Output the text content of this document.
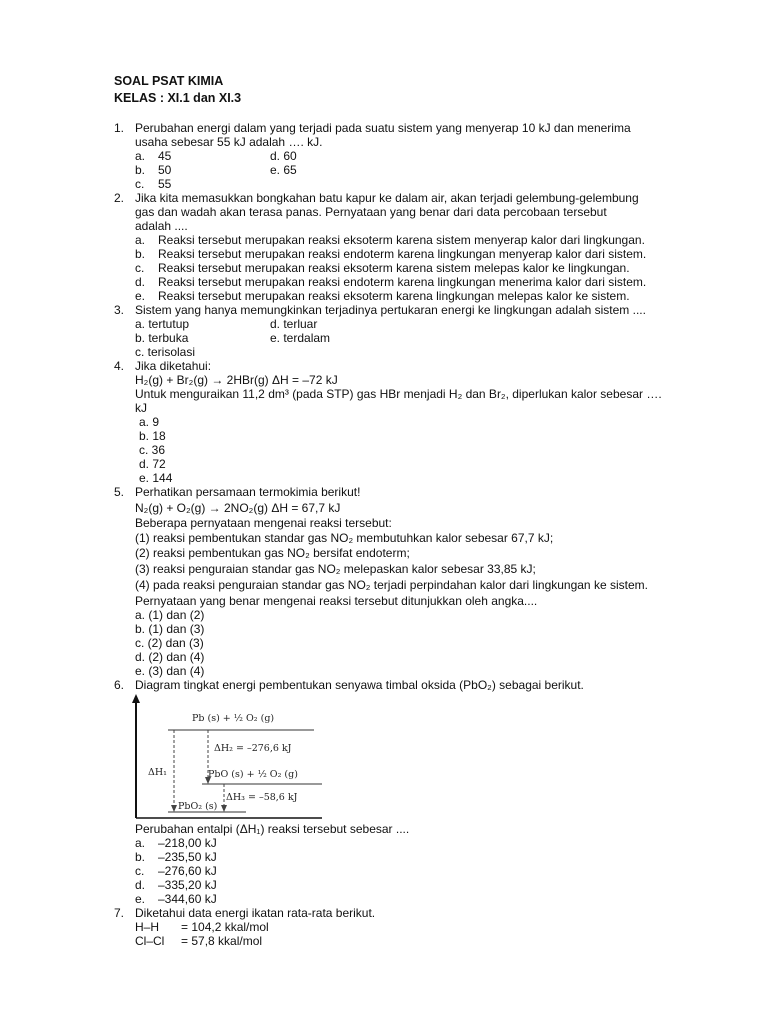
SOAL PSAT KIMIA
KELAS : XI.1 dan XI.3
1. Perubahan energi dalam yang terjadi pada suatu sistem yang menyerap 10 kJ dan menerima
usaha sebesar 55 kJ adalah …. kJ.
a. 45	d. 60
b. 50	e. 65
c. 55
2. Jika kita memasukkan bongkahan batu kapur ke dalam air, akan terjadi gelembung-gelembung
gas dan wadah akan terasa panas. Pernyataan yang benar dari data percobaan tersebut
adalah ....
a. Reaksi tersebut merupakan reaksi eksoterm karena sistem menyerap kalor dari lingkungan.
b. Reaksi tersebut merupakan reaksi endoterm karena lingkungan menyerap kalor dari sistem.
c. Reaksi tersebut merupakan reaksi eksoterm karena sistem melepas kalor ke lingkungan.
d. Reaksi tersebut merupakan reaksi endoterm karena lingkungan menerima kalor dari sistem.
e. Reaksi tersebut merupakan reaksi eksoterm karena lingkungan melepas kalor ke sistem.
3. Sistem yang hanya memungkinkan terjadinya pertukaran energi ke lingkungan adalah sistem ....
a. tertutup	d. terluar
b. terbuka	e. terdalam
c. terisolasi
4. Jika diketahui:
H₂(g) + Br₂(g) → 2HBr(g) ΔH = –72 kJ
Untuk menguraikan 11,2 dm³ (pada STP) gas HBr menjadi H₂ dan Br₂, diperlukan kalor sebesar ….
kJ
a. 9
b. 18
c. 36
d. 72
e. 144
5. Perhatikan persamaan termokimia berikut!
N₂(g) + O₂(g) → 2NO₂(g) ΔH = 67,7 kJ
Beberapa pernyataan mengenai reaksi tersebut:
(1) reaksi pembentukan standar gas NO₂ membutuhkan kalor sebesar 67,7 kJ;
(2) reaksi pembentukan gas NO₂ bersifat endoterm;
(3) reaksi penguraian standar gas NO₂ melepaskan kalor sebesar 33,85 kJ;
(4) pada reaksi penguraian standar gas NO₂ terjadi perpindahan kalor dari lingkungan ke sistem.
Pernyataan yang benar mengenai reaksi tersebut ditunjukkan oleh angka....
a. (1) dan (2)
b. (1) dan (3)
c. (2) dan (3)
d. (2) dan (4)
e. (3) dan (4)
6. Diagram tingkat energi pembentukan senyawa timbal oksida (PbO₂) sebagai berikut.
Pb (s) + ½ O₂ (g)
ΔH₂ = –276,6 kJ
ΔH₁	PbO (s) + ½ O₂ (g)
ΔH₃ = –58,6 kJ
PbO₂ (s)
Perubahan entalpi (ΔH₁) reaksi tersebut sebesar ....
a. –218,00 kJ
b. –235,50 kJ
c. –276,60 kJ
d. –335,20 kJ
e. –344,60 kJ
7. Diketahui data energi ikatan rata-rata berikut.
H–H = 104,2 kkal/mol
Cl–Cl = 57,8 kkal/mol
